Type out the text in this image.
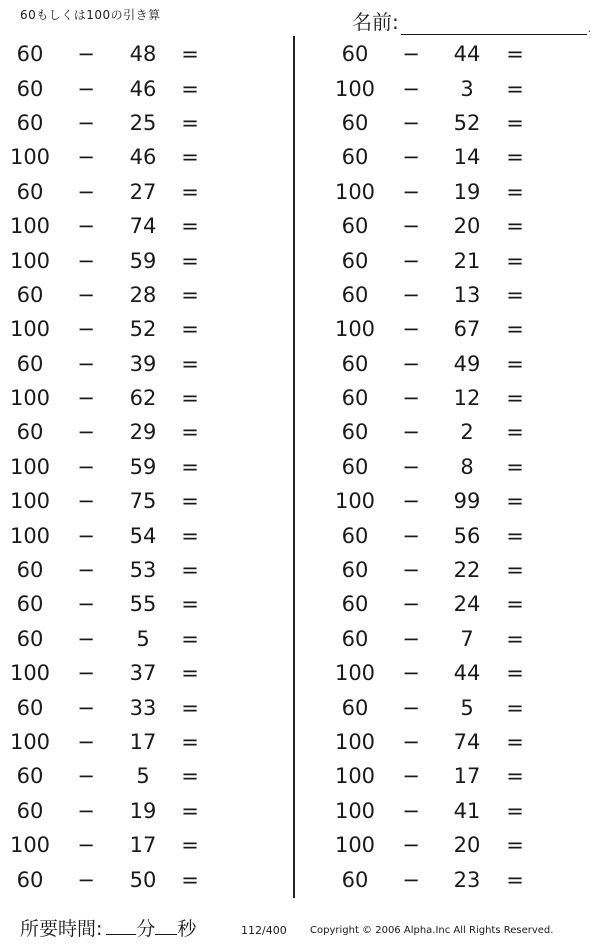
60もしくは100の引き算	名前:	.
60	−	48	=
60	−	46	=
60	−	25	=
100 −	46	=
60	−	27	=
100 −	74	=
100 −	59	=
60	−	28	=
100 −	52	=
60	−	39	=
100 −	62	=
60	−	29	=
100 −	59	=
100 −	75	=
100 −	54	=
60	−	53	=
60	−	55	=
60	−	5	=
100 −	37	=
60	−	33	=
100 −	17	=
60	−	5	=
60	−	19	=
100 −	17	=
60	−	50	=
60	−	44	=
100 −	3	=
60	−	52	=
60	−	14	=
100 −	19	=
60	−	20	=
60	−	21	=
60	−	13	=
100 −	67	=
60	−	49	=
60	−	12	=
60	−	2	=
60	−	8	=
100 −	99	=
60	−	56	=
60	−	22	=
60	−	24	=
60	−	7	=
100 −	44	=
60	−	5	=
100 −	74	=
100 −	17	=
100 −	41	=
100 −	20	=
60	−	23	=
所要時間: 分 秒	112/400 Copyright © 2006 Alpha.Inc All Rights Reserved.
